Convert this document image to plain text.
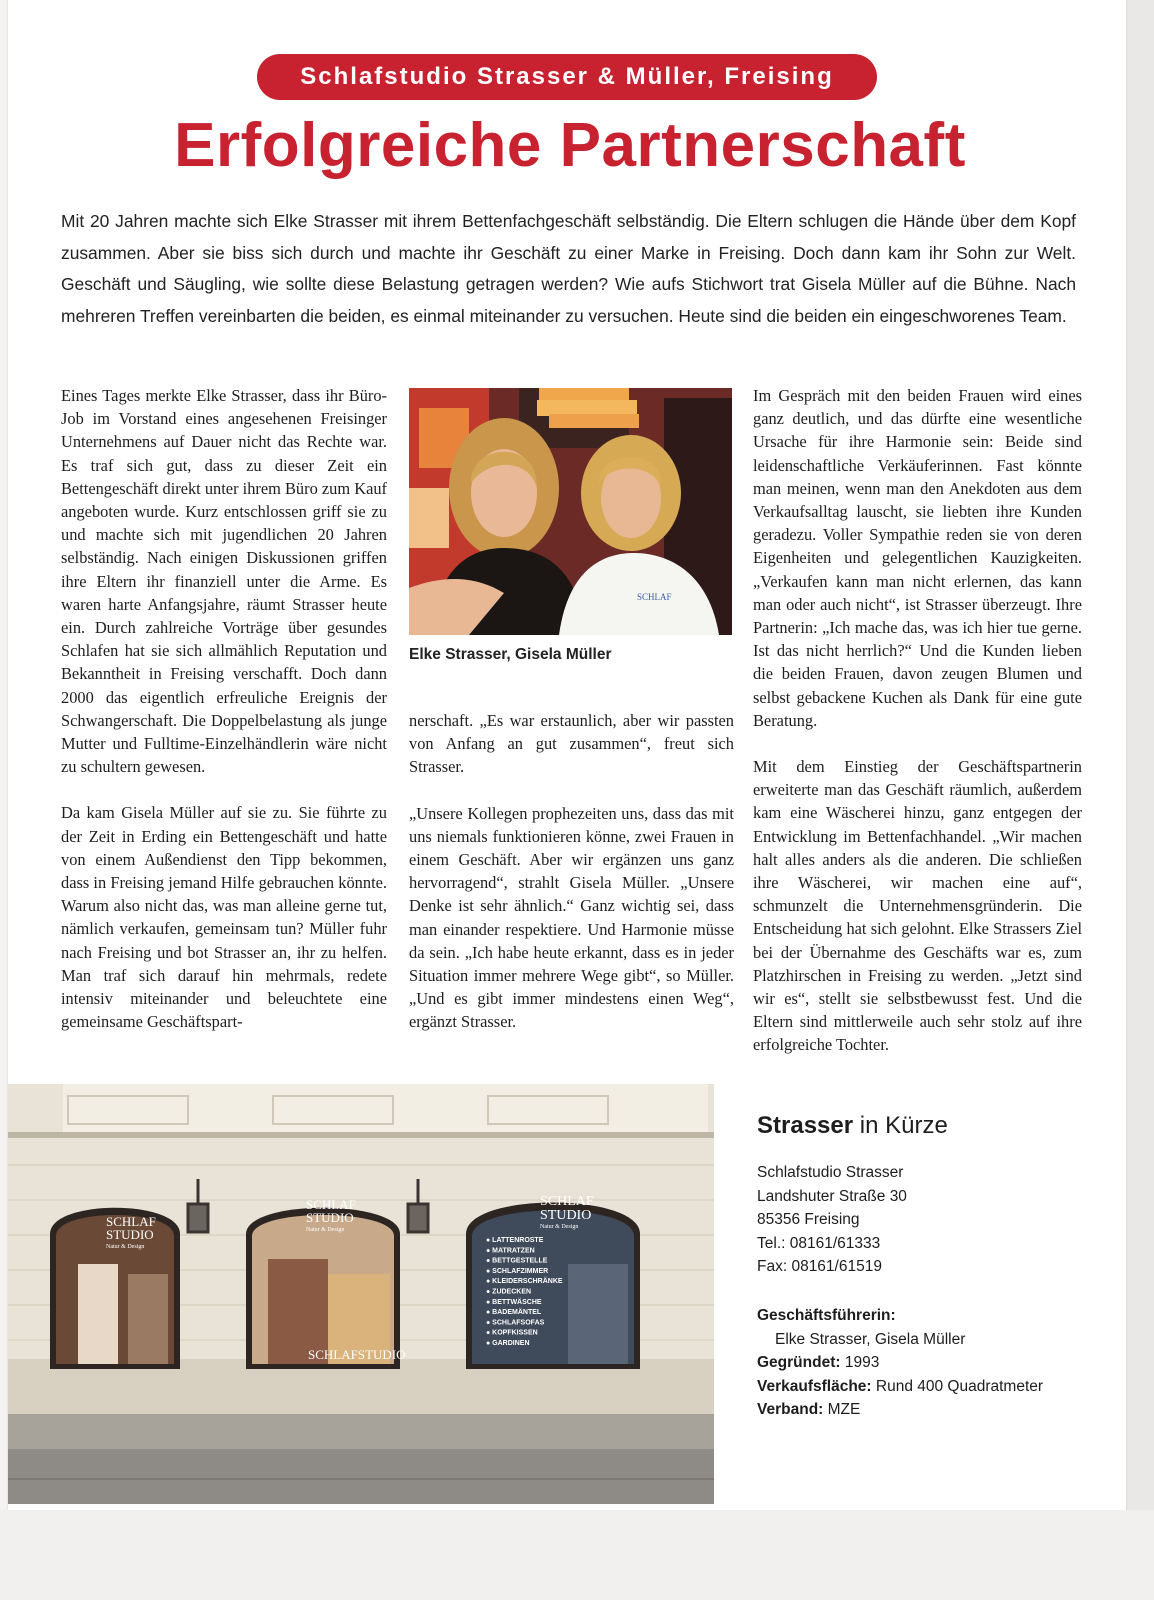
Schlafstudio Strasser & Müller, Freising
Erfolgreiche Partnerschaft
Mit 20 Jahren machte sich Elke Strasser mit ihrem Bettenfachgeschäft selbständig. Die Eltern schlugen die Hände über dem Kopf zusammen. Aber sie biss sich durch und machte ihr Geschäft zu einer Marke in Freising. Doch dann kam ihr Sohn zur Welt. Geschäft und Säugling, wie sollte diese Belastung getragen werden? Wie aufs Stichwort trat Gisela Müller auf die Bühne. Nach mehreren Treffen vereinbarten die beiden, es einmal miteinander zu versuchen. Heute sind die beiden ein eingeschworenes Team.

Eines Tages merkte Elke Strasser, dass ihr Büro-Job im Vorstand eines angesehenen Freisinger Unternehmens auf Dauer nicht das Rechte war. Es traf sich gut, dass zu dieser Zeit ein Bettengeschäft direkt unter ihrem Büro zum Kauf angeboten wurde. Kurz entschlossen griff sie zu und machte sich mit jugendlichen 20 Jahren selbständig. Nach einigen Diskussionen griffen ihre Eltern ihr finanziell unter die Arme. Es waren harte Anfangsjahre, räumt Strasser heute ein. Durch zahlreiche Vorträge über gesundes Schlafen hat sie sich allmählich Reputation und Bekanntheit in Freising verschafft. Doch dann 2000 das eigentlich erfreuliche Ereignis der Schwangerschaft. Die Doppelbelastung als junge Mutter und Fulltime-Einzelhändlerin wäre nicht zu schultern gewesen.

Da kam Gisela Müller auf sie zu. Sie führte zu der Zeit in Erding ein Bettengeschäft und hatte von einem Außendienst den Tipp bekommen, dass in Freising jemand Hilfe gebrauchen könnte. Warum also nicht das, was man alleine gerne tut, nämlich verkaufen, gemeinsam tun? Müller fuhr nach Freising und bot Strasser an, ihr zu helfen. Man traf sich darauf hin mehrmals, redete intensiv miteinander und beleuchtete eine gemeinsame Geschäftspart-

SCHLAF
Elke Strasser, Gisela Müller

nerschaft. „Es war erstaunlich, aber wir passten von Anfang an gut zusammen“, freut sich Strasser.

„Unsere Kollegen prophezeiten uns, dass das mit uns niemals funktionieren könne, zwei Frauen in einem Geschäft. Aber wir ergänzen uns ganz hervorragend“, strahlt Gisela Müller. „Unsere Denke ist sehr ähnlich.“ Ganz wichtig sei, dass man einander respektiere. Und Harmonie müsse da sein. „Ich habe heute erkannt, dass es in jeder Situation immer mehrere Wege gibt“, so Müller. „Und es gibt immer mindestens einen Weg“, ergänzt Strasser.

Im Gespräch mit den beiden Frauen wird eines ganz deutlich, und das dürfte eine wesentliche Ursache für ihre Harmonie sein: Beide sind leidenschaftliche Verkäuferinnen. Fast könnte man meinen, wenn man den Anekdoten aus dem Verkaufsalltag lauscht, sie liebten ihre Kunden geradezu. Voller Sympathie reden sie von deren Eigenheiten und gelegentlichen Kauzigkeiten. „Verkaufen kann man nicht erlernen, das kann man oder auch nicht“, ist Strasser überzeugt. Ihre Partnerin: „Ich mache das, was ich hier tue gerne. Ist das nicht herrlich?“ Und die Kunden lieben die beiden Frauen, davon zeugen Blumen und selbst gebackene Kuchen als Dank für eine gute Beratung.

Mit dem Einstieg der Geschäftspartnerin erweiterte man das Geschäft räumlich, außerdem kam eine Wäscherei hinzu, ganz entgegen der Entwicklung im Bettenfachhandel. „Wir machen halt alles anders als die anderen. Die schließen ihre Wäscherei, wir machen eine auf“, schmunzelt die Unternehmensgründerin. Die Entscheidung hat sich gelohnt. Elke Strassers Ziel bei der Übernahme des Geschäfts war es, zum Platzhirschen in Freising zu werden. „Jetzt sind wir es“, stellt sie selbstbewusst fest. Und die Eltern sind mittlerweile auch sehr stolz auf ihre erfolgreiche Tochter.

SCHLAF
STUDIO
Natur & Design
SCHLAF
STUDIO
Natur & Design
SCHLAF
STUDIO
Natur & Design
SCHLAFSTUDIO
● LATTENROSTE
● MATRATZEN
● BETTGESTELLE
● SCHLAFZIMMER
● KLEIDERSCHRÄNKE
● ZUDECKEN
● BETTWÄSCHE
● BADEMÄNTEL
● SCHLAFSOFAS
● KOPFKISSEN
● GARDINEN
Strasser in Kürze
Schlafstudio Strasser
Landshuter Straße 30
85356 Freising
Tel.: 08161/61333
Fax: 08161/61519
Geschäftsführerin:
Elke Strasser, Gisela Müller
Gegründet: 1993
Verkaufsfläche: Rund 400 Quadratmeter
Verband: MZE
